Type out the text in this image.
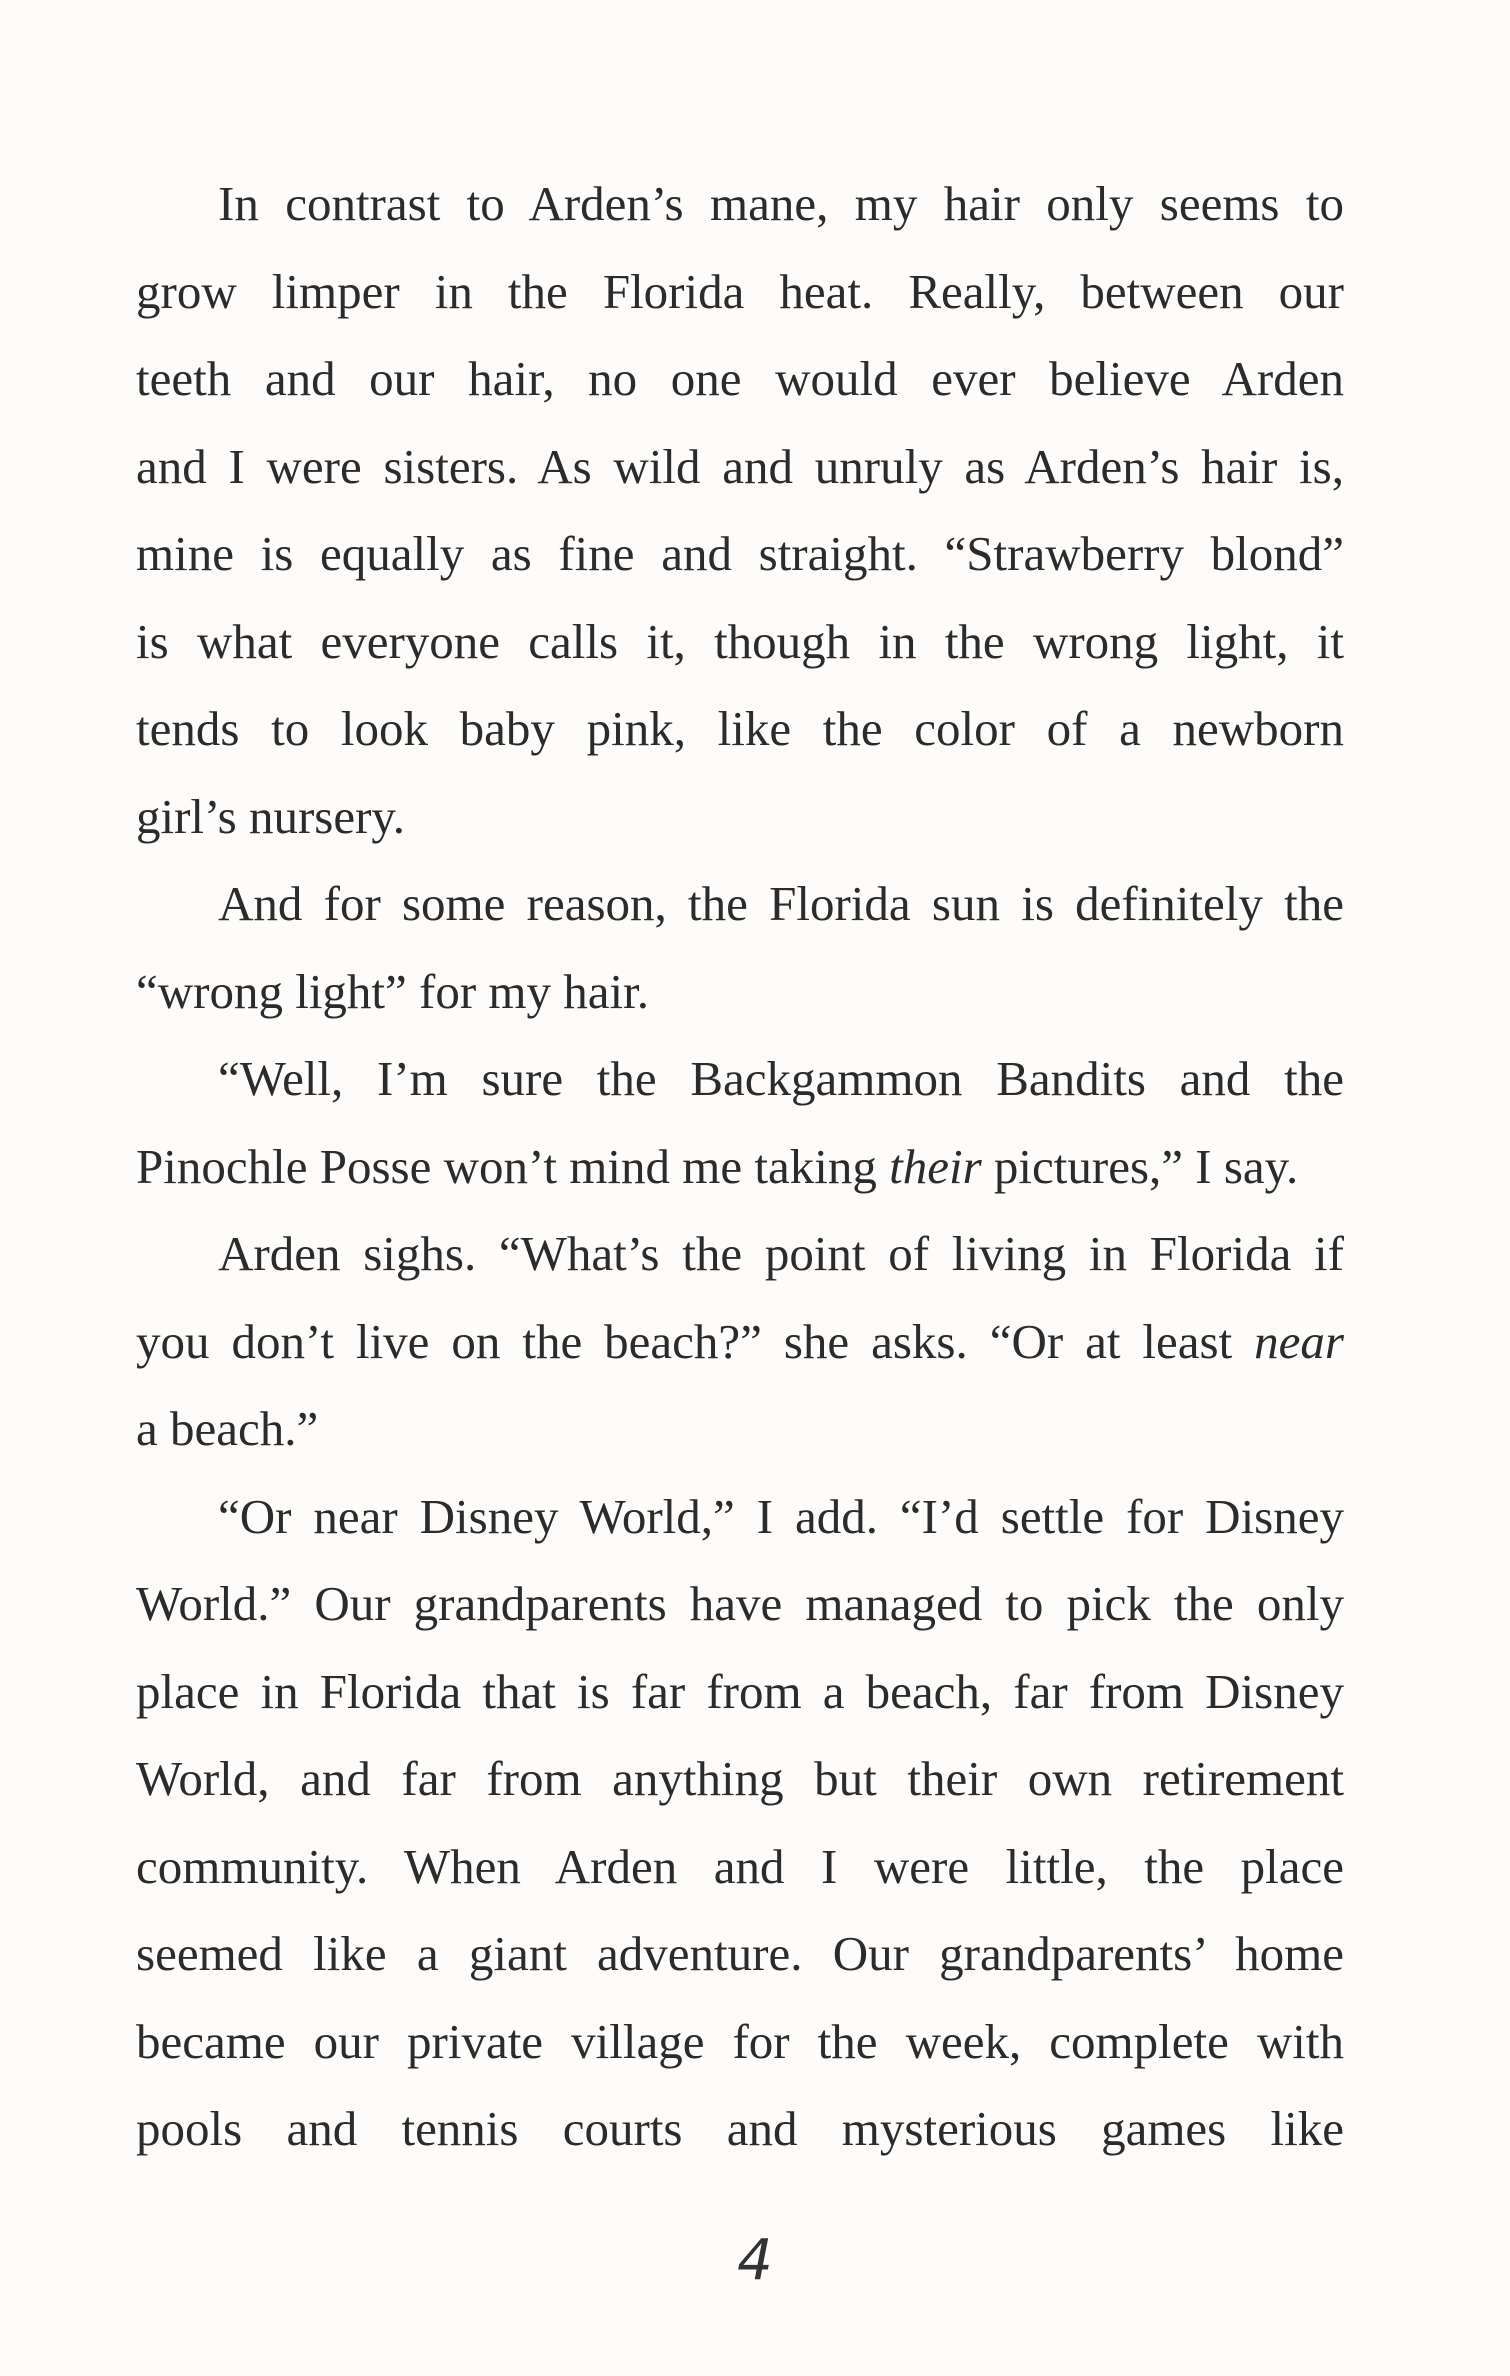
In contrast to Arden’s mane, my hair only seems to
grow limper in the Florida heat. Really, between our
teeth and our hair, no one would ever believe Arden
and I were sisters. As wild and unruly as Arden’s hair is,
mine is equally as fine and straight. “Strawberry blond”
is what everyone calls it, though in the wrong light, it
tends to look baby pink, like the color of a newborn
girl’s nursery.
And for some reason, the Florida sun is definitely the
“wrong light” for my hair.
“Well, I’m sure the Backgammon Bandits and the
Pinochle Posse won’t mind me taking their pictures,” I say.
Arden sighs. “What’s the point of living in Florida if
you don’t live on the beach?” she asks. “Or at least near
a beach.”
“Or near Disney World,” I add. “I’d settle for Disney
World.” Our grandparents have managed to pick the only
place in Florida that is far from a beach, far from Disney
World, and far from anything but their own retirement
community. When Arden and I were little, the place
seemed like a giant adventure. Our grandparents’ home
became our private village for the week, complete with
pools and tennis courts and mysterious games like
4
